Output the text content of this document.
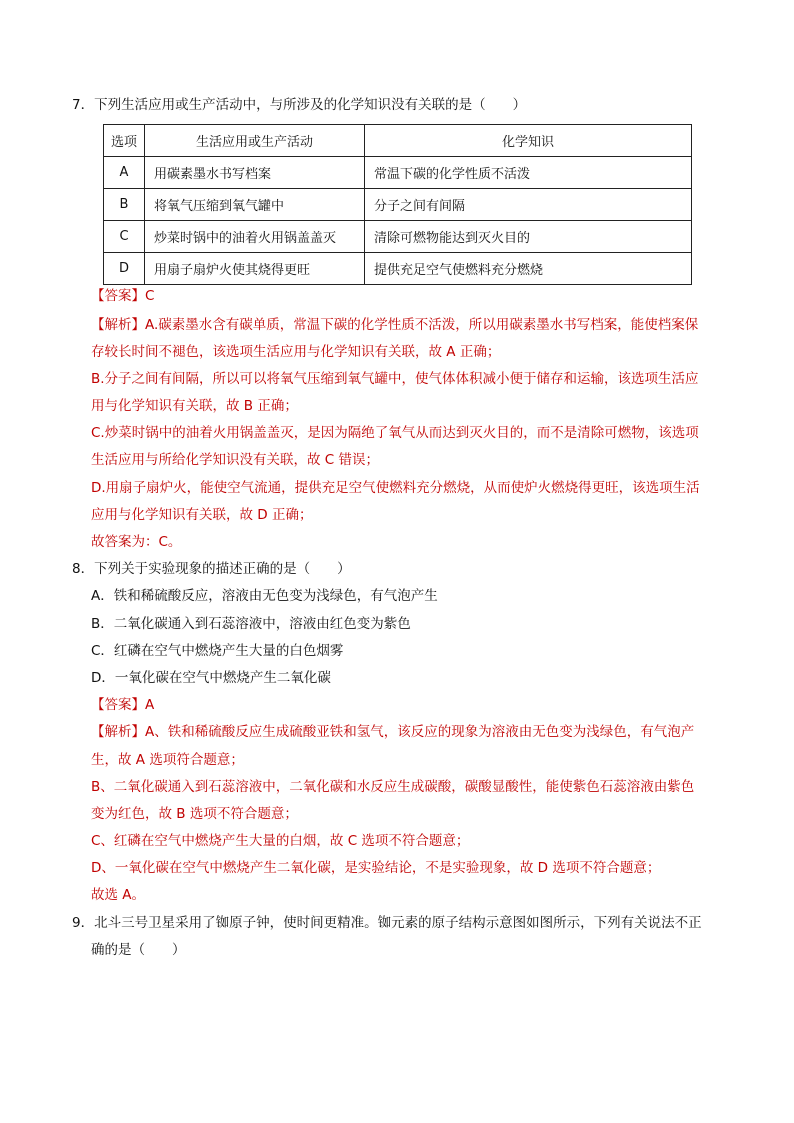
7．下列生活应用或生产活动中，与所涉及的化学知识没有关联的是（　　）
选项	生活应用或生产活动	化学知识
A	用碳素墨水书写档案	常温下碳的化学性质不活泼
B	将氧气压缩到氧气罐中	分子之间有间隔
C	炒菜时锅中的油着火用锅盖盖灭	清除可燃物能达到灭火目的
D	用扇子扇炉火使其烧得更旺	提供充足空气使燃料充分燃烧
【答案】C
【解析】A.碳素墨水含有碳单质，常温下碳的化学性质不活泼，所以用碳素墨水书写档案，能使档案保
存较长时间不褪色，该选项生活应用与化学知识有关联，故 A 正确；
B.分子之间有间隔，所以可以将氧气压缩到氧气罐中，使气体体积减小便于储存和运输，该选项生活应
用与化学知识有关联，故 B 正确；
C.炒菜时锅中的油着火用锅盖盖灭，是因为隔绝了氧气从而达到灭火目的，而不是清除可燃物，该选项
生活应用与所给化学知识没有关联，故 C 错误；
D.用扇子扇炉火，能使空气流通，提供充足空气使燃料充分燃烧，从而使炉火燃烧得更旺，该选项生活
应用与化学知识有关联，故 D 正确；
故答案为：C。
8．下列关于实验现象的描述正确的是（　　）
A．铁和稀硫酸反应，溶液由无色变为浅绿色，有气泡产生
B．二氧化碳通入到石蕊溶液中，溶液由红色变为紫色
C．红磷在空气中燃烧产生大量的白色烟雾
D．一氧化碳在空气中燃烧产生二氧化碳
【答案】A
【解析】A、铁和稀硫酸反应生成硫酸亚铁和氢气，该反应的现象为溶液由无色变为浅绿色，有气泡产
生，故 A 选项符合题意；
B、二氧化碳通入到石蕊溶液中，二氧化碳和水反应生成碳酸，碳酸显酸性，能使紫色石蕊溶液由紫色
变为红色，故 B 选项不符合题意；
C、红磷在空气中燃烧产生大量的白烟，故 C 选项不符合题意；
D、一氧化碳在空气中燃烧产生二氧化碳，是实验结论，不是实验现象，故 D 选项不符合题意；
故选 A。
9．北斗三号卫星采用了铷原子钟，使时间更精准。铷元素的原子结构示意图如图所示，下列有关说法不正
确的是（　　）
